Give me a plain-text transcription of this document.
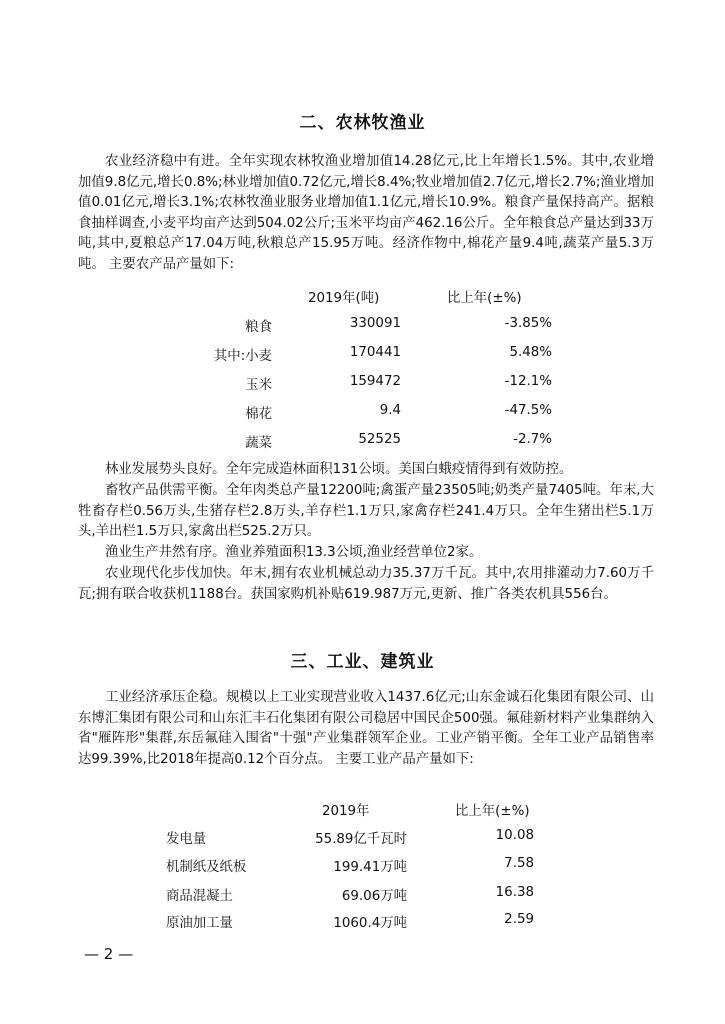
二、农林牧渔业

农业经济稳中有进。全年实现农林牧渔业增加值14.28亿元,比上年增长1.5%。其中,农业增加值9.8亿元,增长0.8%;林业增加值0.72亿元,增长8.4%;牧业增加值2.7亿元,增长2.7%;渔业增加值0.01亿元,增长3.1%;农林牧渔业服务业增加值1.1亿元,增长10.9%。粮食产量保持高产。据粮食抽样调查,小麦平均亩产达到504.02公斤;玉米平均亩产462.16公斤。全年粮食总产量达到33万吨,其中,夏粮总产17.04万吨,秋粮总产15.95万吨。经济作物中,棉花产量9.4吨,蔬菜产量5.3万吨。 主要农产品产量如下:

2019年(吨)	比上年(±%)
粮食	330091	-3.85%
其中:小麦	170441	5.48%
玉米	159472	-12.1%
棉花	9.4	-47.5%
蔬菜	52525	-2.7%

林业发展势头良好。全年完成造林面积131公顷。美国白蛾疫情得到有效防控。

畜牧产品供需平衡。全年肉类总产量12200吨;禽蛋产量23505吨;奶类产量7405吨。年末,大牲畜存栏0.56万头,生猪存栏2.8万头,羊存栏1.1万只,家禽存栏241.4万只。全年生猪出栏5.1万头,羊出栏1.5万只,家禽出栏525.2万只。

渔业生产井然有序。渔业养殖面积13.3公顷,渔业经营单位2家。

农业现代化步伐加快。年末,拥有农业机械总动力35.37万千瓦。其中,农用排灌动力7.60万千瓦;拥有联合收获机1188台。获国家购机补贴619.987万元,更新、推广各类农机具556台。

三、工业、建筑业

工业经济承压企稳。规模以上工业实现营业收入1437.6亿元;山东金诚石化集团有限公司、山东博汇集团有限公司和山东汇丰石化集团有限公司稳居中国民企500强。氟硅新材料产业集群纳入省"雁阵形"集群,东岳氟硅入围省"十强"产业集群领军企业。工业产销平衡。全年工业产品销售率达99.39%,比2018年提高0.12个百分点。 主要工业产品产量如下:

2019年	比上年(±%)
发电量	55.89亿千瓦时	10.08
机制纸及纸板	199.41万吨	7.58
商品混凝土	69.06万吨	16.38
原油加工量	1060.4万吨	2.59
— 2 —
